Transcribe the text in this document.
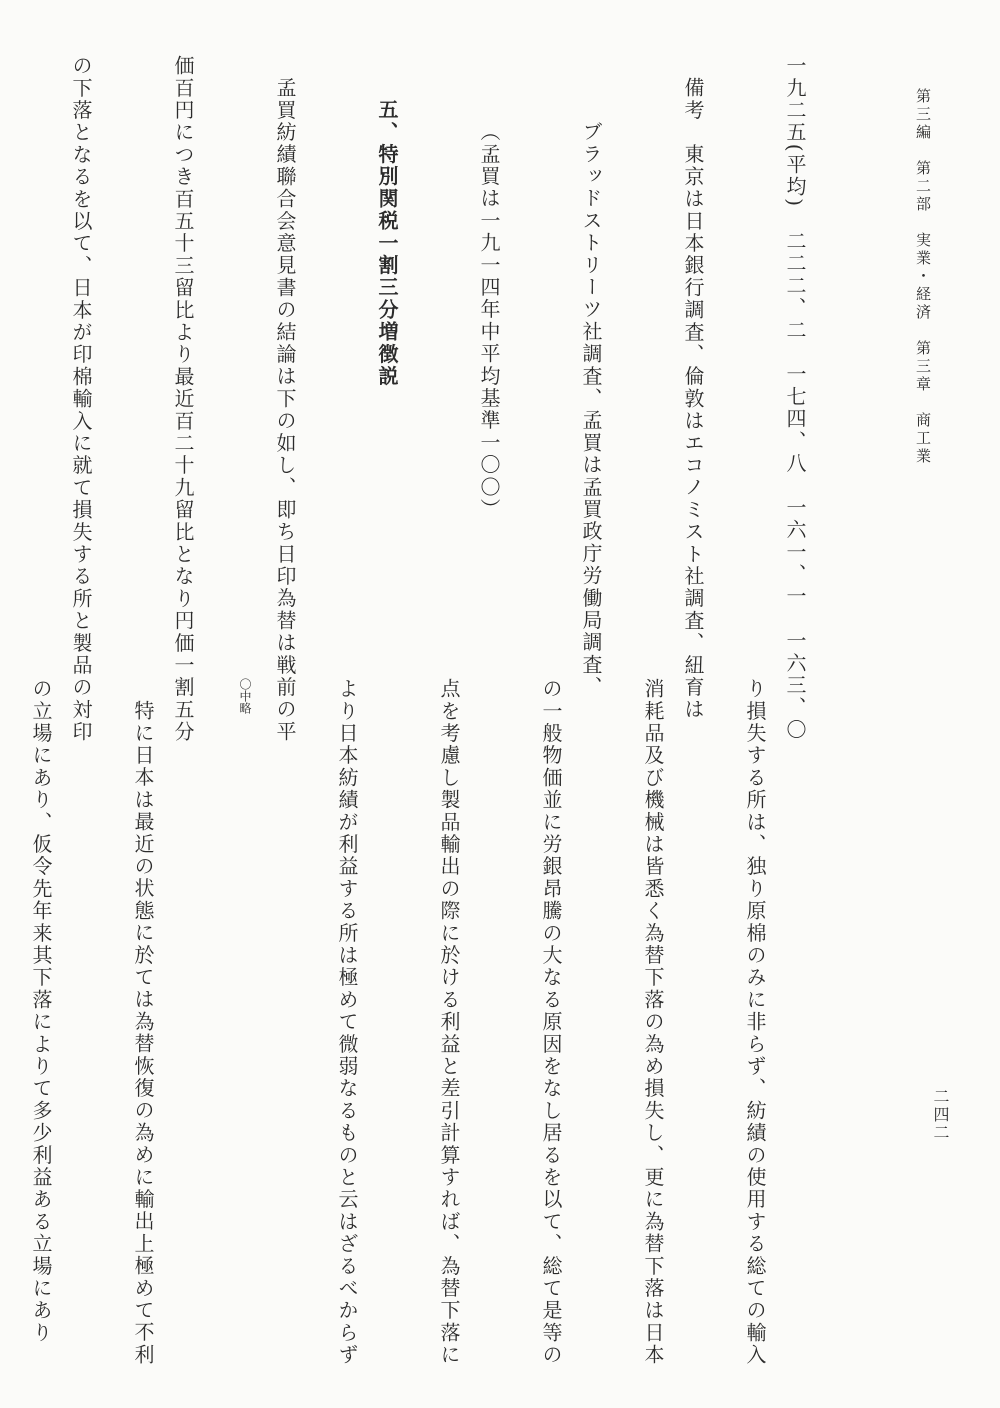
第三編　第二部　実業・経済　第三章　商工業

一九二五(平均)　二二二、二　一七四、八　一六一、一　一六三、〇

備考　東京は日本銀行調査、倫敦はエコノミスト社調査、紐育は

ブラッドストリーツ社調査、孟買は孟買政庁労働局調査、

（孟買は一九一四年中平均基準一〇〇）

五、特別関税一割三分増徴説

孟買紡績聯合会意見書の結論は下の如し、即ち日印為替は戦前の平

価百円につき百五十三留比より最近百二十九留比となり円価一割五分

の下落となるを以て、日本が印棉輸入に就て損失する所と製品の対印

り損失する所は、独り原棉のみに非らず、紡績の使用する総ての輸入

消耗品及び機械は皆悉く為替下落の為め損失し、更に為替下落は日本

の一般物価並に労銀昂騰の大なる原因をなし居るを以て、総て是等の

点を考慮し製品輸出の際に於ける利益と差引計算すれば、為替下落に

より日本紡績が利益する所は極めて微弱なるものと云はざるべからず

〇中略

特に日本は最近の状態に於ては為替恢復の為めに輸出上極めて不利

の立場にあり、仮令先年来其下落によりて多少利益ある立場にあり

	二四二
